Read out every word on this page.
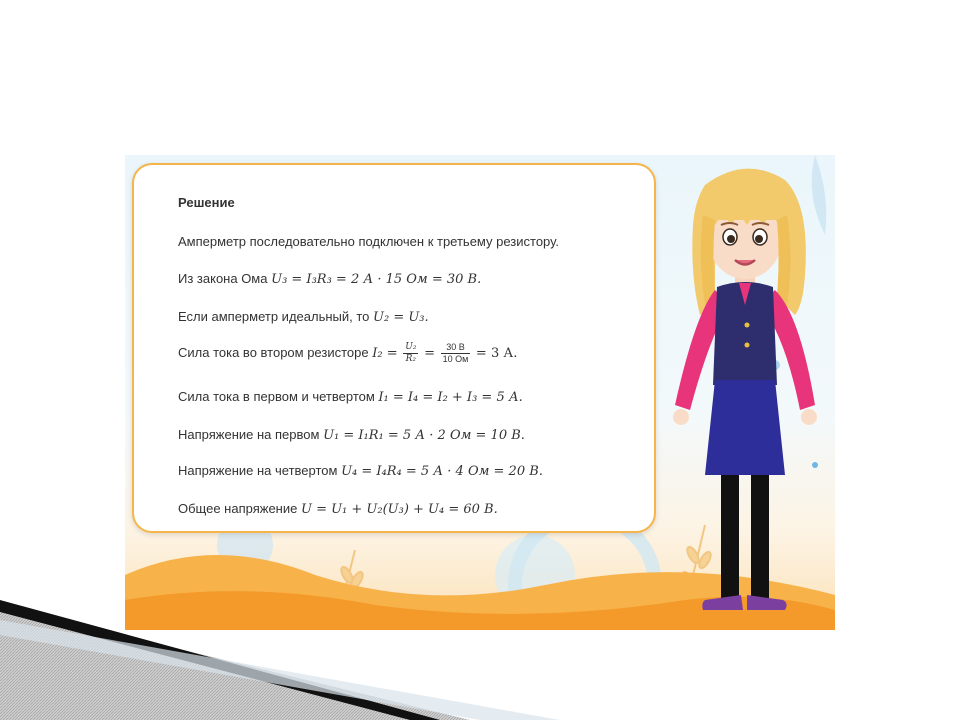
Решение
Амперметр последовательно подключен к третьему резистору.
Из закона Ома U₃ = I₃R₃ = 2 А · 15 Ом = 30 В.
Если амперметр идеальный, то U₂ = U₃.
Сила тока во втором резисторе $I_2 = \frac{\text{U₂}}{\text{R₂}} = \frac{30 В}{10 Ом} = 3$ А.
Сила тока в первом и четвертом I₁ = I₄ = I₂ + I₃ = 5 А.
Напряжение на первом U₁ = I₁R₁ = 5 А · 2 Ом = 10 В.
Напряжение на четвертом U₄ = I₄R₄ = 5 А · 4 Ом = 20 В.
Общее напряжение U = U₁ + U₂(U₃) + U₄ = 60 В.
